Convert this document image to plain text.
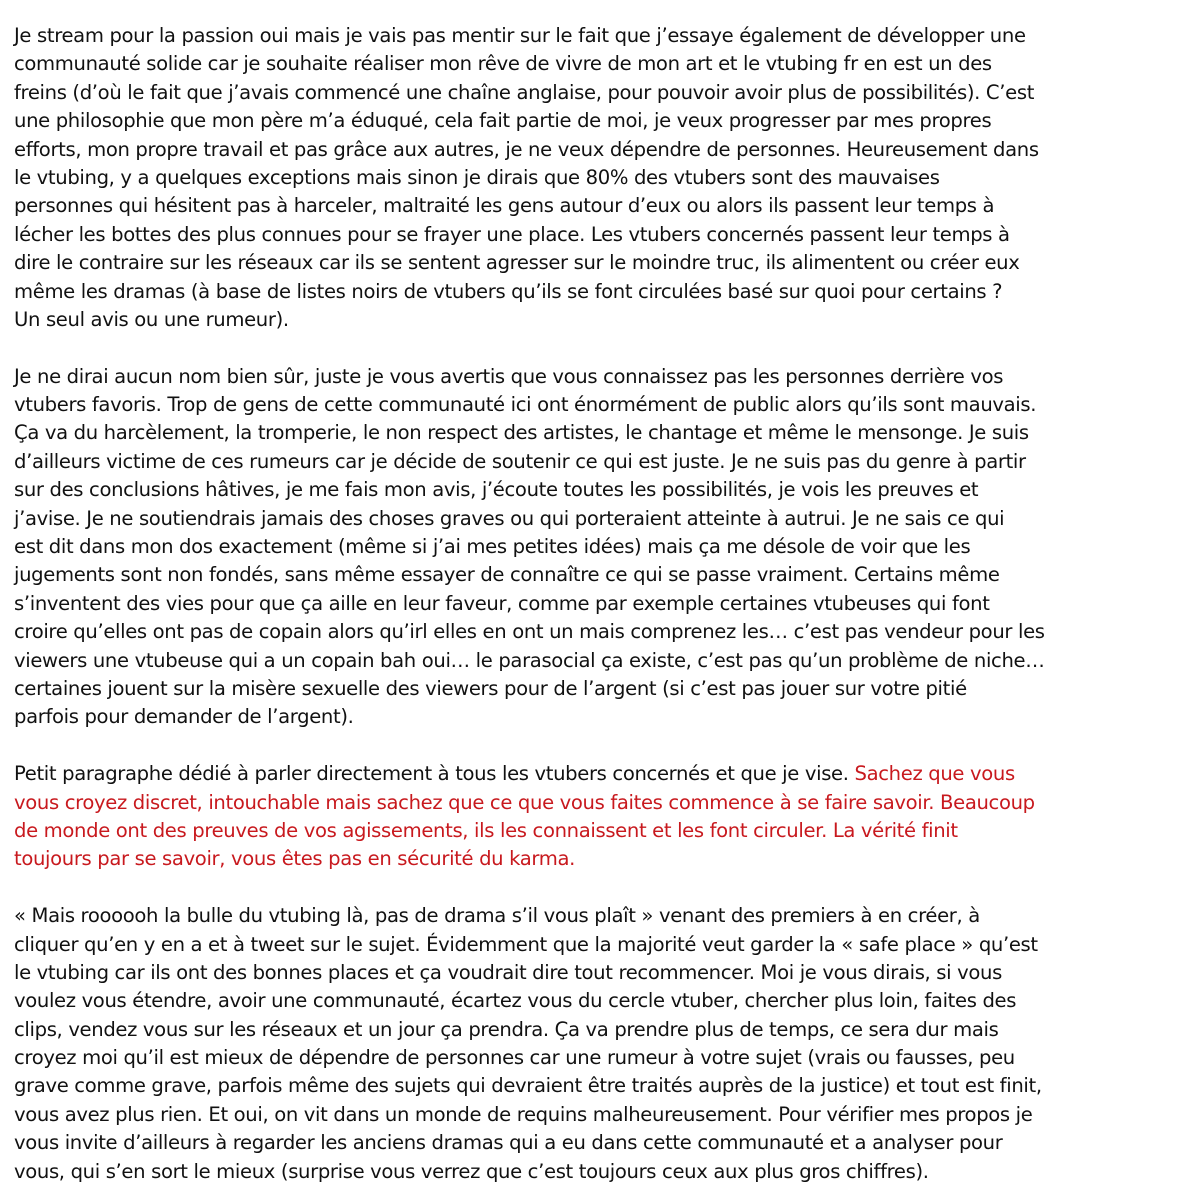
Je stream pour la passion oui mais je vais pas mentir sur le fait que j’essaye également de développer une
communauté solide car je souhaite réaliser mon rêve de vivre de mon art et le vtubing fr en est un des
freins (d’où le fait que j’avais commencé une chaîne anglaise, pour pouvoir avoir plus de possibilités). C’est
une philosophie que mon père m’a éduqué, cela fait partie de moi, je veux progresser par mes propres
efforts, mon propre travail et pas grâce aux autres, je ne veux dépendre de personnes. Heureusement dans
le vtubing, y a quelques exceptions mais sinon je dirais que 80% des vtubers sont des mauvaises
personnes qui hésitent pas à harceler, maltraité les gens autour d’eux ou alors ils passent leur temps à
lécher les bottes des plus connues pour se frayer une place. Les vtubers concernés passent leur temps à
dire le contraire sur les réseaux car ils se sentent agresser sur le moindre truc, ils alimentent ou créer eux
même les dramas (à base de listes noirs de vtubers qu’ils se font circulées basé sur quoi pour certains ?
Un seul avis ou une rumeur).
Je ne dirai aucun nom bien sûr, juste je vous avertis que vous connaissez pas les personnes derrière vos
vtubers favoris. Trop de gens de cette communauté ici ont énormément de public alors qu’ils sont mauvais.
Ça va du harcèlement, la tromperie, le non respect des artistes, le chantage et même le mensonge. Je suis
d’ailleurs victime de ces rumeurs car je décide de soutenir ce qui est juste. Je ne suis pas du genre à partir
sur des conclusions hâtives, je me fais mon avis, j’écoute toutes les possibilités, je vois les preuves et
j’avise. Je ne soutiendrais jamais des choses graves ou qui porteraient atteinte à autrui. Je ne sais ce qui
est dit dans mon dos exactement (même si j’ai mes petites idées) mais ça me désole de voir que les
jugements sont non fondés, sans même essayer de connaître ce qui se passe vraiment. Certains même
s’inventent des vies pour que ça aille en leur faveur, comme par exemple certaines vtubeuses qui font
croire qu’elles ont pas de copain alors qu’irl elles en ont un mais comprenez les… c’est pas vendeur pour les
viewers une vtubeuse qui a un copain bah oui… le parasocial ça existe, c’est pas qu’un problème de niche…
certaines jouent sur la misère sexuelle des viewers pour de l’argent (si c’est pas jouer sur votre pitié
parfois pour demander de l’argent).
Petit paragraphe dédié à parler directement à tous les vtubers concernés et que je vise. Sachez que vous
vous croyez discret, intouchable mais sachez que ce que vous faites commence à se faire savoir. Beaucoup
de monde ont des preuves de vos agissements, ils les connaissent et les font circuler. La vérité finit
toujours par se savoir, vous êtes pas en sécurité du karma.
« Mais roooooh la bulle du vtubing là, pas de drama s’il vous plaît » venant des premiers à en créer, à
cliquer qu’en y en a et à tweet sur le sujet. Évidemment que la majorité veut garder la « safe place » qu’est
le vtubing car ils ont des bonnes places et ça voudrait dire tout recommencer. Moi je vous dirais, si vous
voulez vous étendre, avoir une communauté, écartez vous du cercle vtuber, chercher plus loin, faites des
clips, vendez vous sur les réseaux et un jour ça prendra. Ça va prendre plus de temps, ce sera dur mais
croyez moi qu’il est mieux de dépendre de personnes car une rumeur à votre sujet (vrais ou fausses, peu
grave comme grave, parfois même des sujets qui devraient être traités auprès de la justice) et tout est finit,
vous avez plus rien. Et oui, on vit dans un monde de requins malheureusement. Pour vérifier mes propos je
vous invite d’ailleurs à regarder les anciens dramas qui a eu dans cette communauté et a analyser pour
vous, qui s’en sort le mieux (surprise vous verrez que c’est toujours ceux aux plus gros chiffres).
